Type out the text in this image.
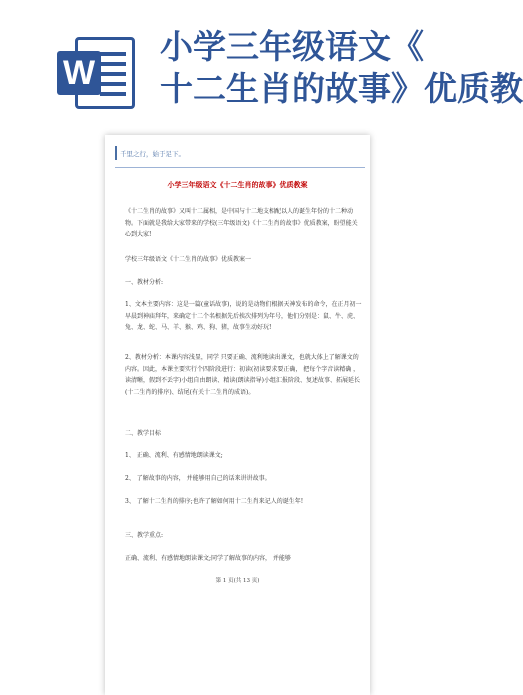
W
小学三年级语文《
十二生肖的故事》优质教
千里之行，始于足下。
小学三年级语文《十二生肖的故事》优质教案

《十二生肖的故事》又叫十二属相，是中国与十二地支相配以人的诞生年份的十二种动物。下面就是我给大家带来的学校(三年级语文)《十二生肖的故事》优质教案，盼望能关心到大家!

学校三年级语文《十二生肖的故事》优质教案一

一、教材分析:

1、文本主要内容：这是一篇(童话故事)，说的是动物们根据天神发布的命令，在正月初一早晨到神庙拜年，来确定十二个名根据先后挨次排列为年号，他们分别是：鼠、牛、虎、兔、龙、蛇、马、羊、猴、鸡、狗、猪，故事生动好玩!

2、教材分析：本课内容浅显，同学 只要正确、流利地读出课文，也就大体上了解课文的内容。因此，本课主要实行个四阶段进行：初读(初读要求要正确， 把每个字音读精确 ，读清晰，假到不丢字)小组自由朗读、精读(朗读指导)小组汇报阶段、复述故事、拓展延长(十二生肖的排序)、结尾(有关十二生肖的成语)。

二、教学目标

1、 正确、流利、有感情地朗读课文;

2、 了解故事的内容， 并能够用自己的话来讲讲故事。

3、 了解十二生肖的排序;也许了解如何用十二生肖来记人的诞生年!

三、教学重点:

正确、流利、有感情地朗读课文;同学了解故事的内容， 并能够

第 1 页(共 13 页)
